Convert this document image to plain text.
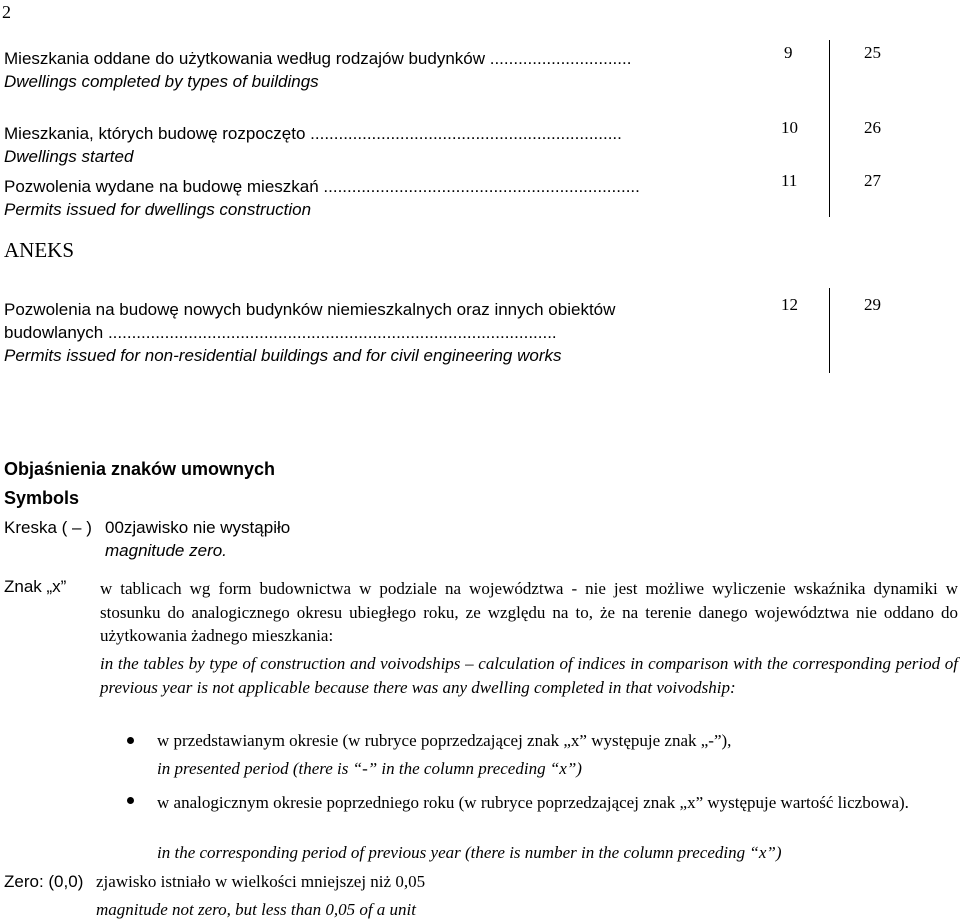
2
Mieszkania oddane do użytkowania według rodzajów budynków ..............................
Dwellings completed by types of buildings
9	25
Mieszkania, których budowę rozpoczęto ..................................................................
Dwellings started
10	26
Pozwolenia wydane na budowę mieszkań ...................................................................
Permits issued for dwellings construction
11	27
ANEKS
Pozwolenia na budowę nowych budynków niemieszkalnych oraz innych obiektów
budowlanych ...............................................................................................
Permits issued for non-residential buildings and for civil engineering works
12	29
Objaśnienia znaków umownych
Symbols
Kreska ( – ) 00zjawisko nie wystąpiło
magnitude zero.
Znak „x” w tablicach wg form budownictwa w podziale na województwa - nie jest możliwe wyliczenie wskaźnika dynamiki w stosunku do analogicznego okresu ubiegłego roku, ze względu na to, że na terenie danego województwa nie oddano do użytkowania żadnego mieszkania:
in the tables by type of construction and voivodships – calculation of indices in comparison with the corresponding period of previous year is not applicable because there was any dwelling completed in that voivodship:
w przedstawianym okresie (w rubryce poprzedzającej znak „x” występuje znak „-”),
in presented period (there is “-” in the column preceding “x”)
w analogicznym okresie poprzedniego roku (w rubryce poprzedzającej znak „x” występuje wartość liczbowa).
in the corresponding period of previous year (there is number in the column preceding “x”)
Zero: (0,0) zjawisko istniało w wielkości mniejszej niż 0,05
magnitude not zero, but less than 0,05 of a unit
